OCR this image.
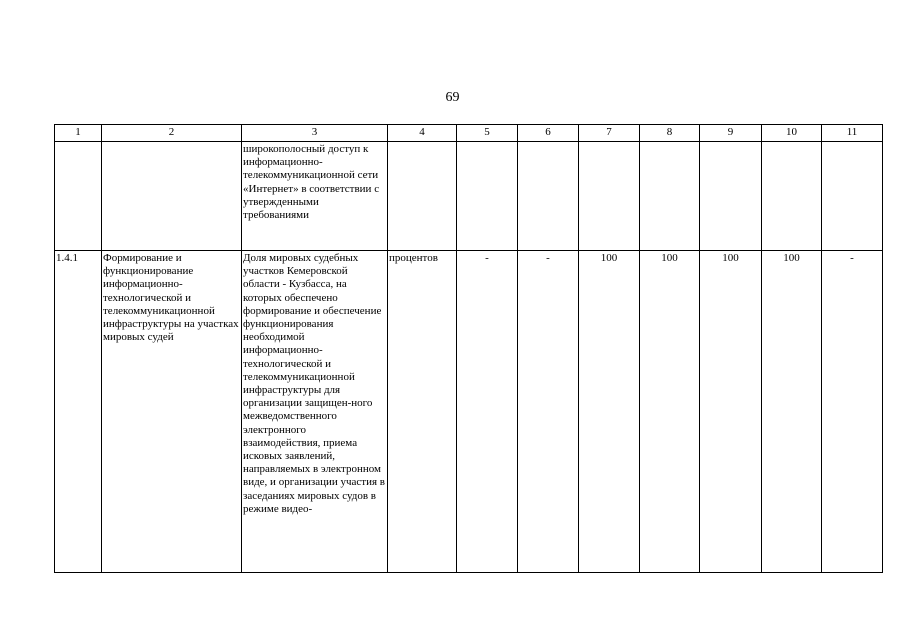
69
1	2	3	4	5	6	7	8	9	10	11
		широкополосный доступ к информационно-телекоммуникационной сети «Интернет» в соответствии с утвержденными требованиями								
1.4.1	Формирование и функционирование информационно-технологической и телекоммуникационной инфраструктуры на участках мировых судей	Доля мировых судебных участков Кемеровской области - Кузбасса, на которых обеспечено формирование и обеспечение функционирования необходимой информационно-технологической и телекоммуникационной инфраструктуры для организации защищен-ного межведомственного электронного взаимодействия, приема исковых заявлений, направляемых в электронном виде, и организации участия в заседаниях мировых судов в режиме видео-	процентов	-	-	100	100	100	100	-
